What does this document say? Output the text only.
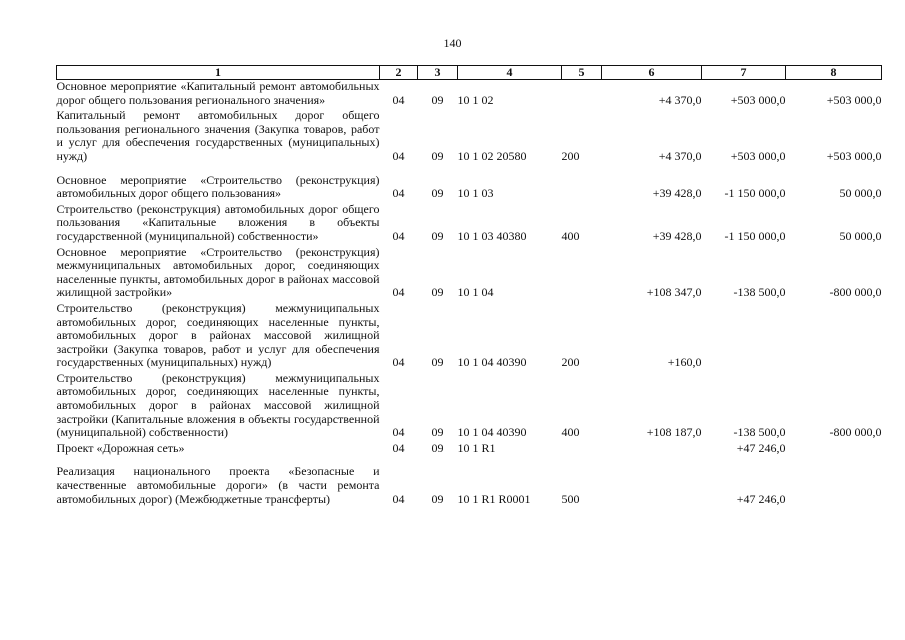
140
1	2	3	4	5	6	7	8
Основное мероприятие «Капитальный ремонт автомобильных дорог общего пользования регионального значения»	04	09	10 1 02		+4 370,0	+503 000,0	+503 000,0
Капитальный ремонт автомобильных дорог общего пользования регионального значения (Закупка товаров, работ и услуг для обеспечения государственных (муниципальных) нужд)	04	09	10 1 02 20580	200	+4 370,0	+503 000,0	+503 000,0
Основное мероприятие «Строительство (реконструкция) автомобильных дорог общего пользования»	04	09	10 1 03		+39 428,0	-1 150 000,0	50 000,0
Строительство (реконструкция) автомобильных дорог общего пользования «Капитальные вложения в объекты государственной (муниципальной) собственности»	04	09	10 1 03 40380	400	+39 428,0	-1 150 000,0	50 000,0
Основное мероприятие «Строительство (реконструкция) межмуниципальных автомобильных дорог, соединяющих населенные пункты, автомобильных дорог в районах массовой жилищной застройки»	04	09	10 1 04		+108 347,0	-138 500,0	-800 000,0
Строительство (реконструкция) межмуниципальных автомобильных дорог, соединяющих населенные пункты, автомобильных дорог в районах массовой жилищной застройки (Закупка товаров, работ и услуг для обеспечения государственных (муниципальных) нужд)	04	09	10 1 04 40390	200	+160,0		
Строительство (реконструкция) межмуниципальных автомобильных дорог, соединяющих населенные пункты, автомобильных дорог в районах массовой жилищной застройки (Капитальные вложения в объекты государственной (муниципальной) собственности)	04	09	10 1 04 40390	400	+108 187,0	-138 500,0	-800 000,0
Проект «Дорожная сеть»	04	09	10 1 R1			+47 246,0	
Реализация национального проекта «Безопасные и качественные автомобильные дороги» (в части ремонта автомобильных дорог) (Межбюджетные трансферты)	04	09	10 1 R1 R0001	500		+47 246,0	
